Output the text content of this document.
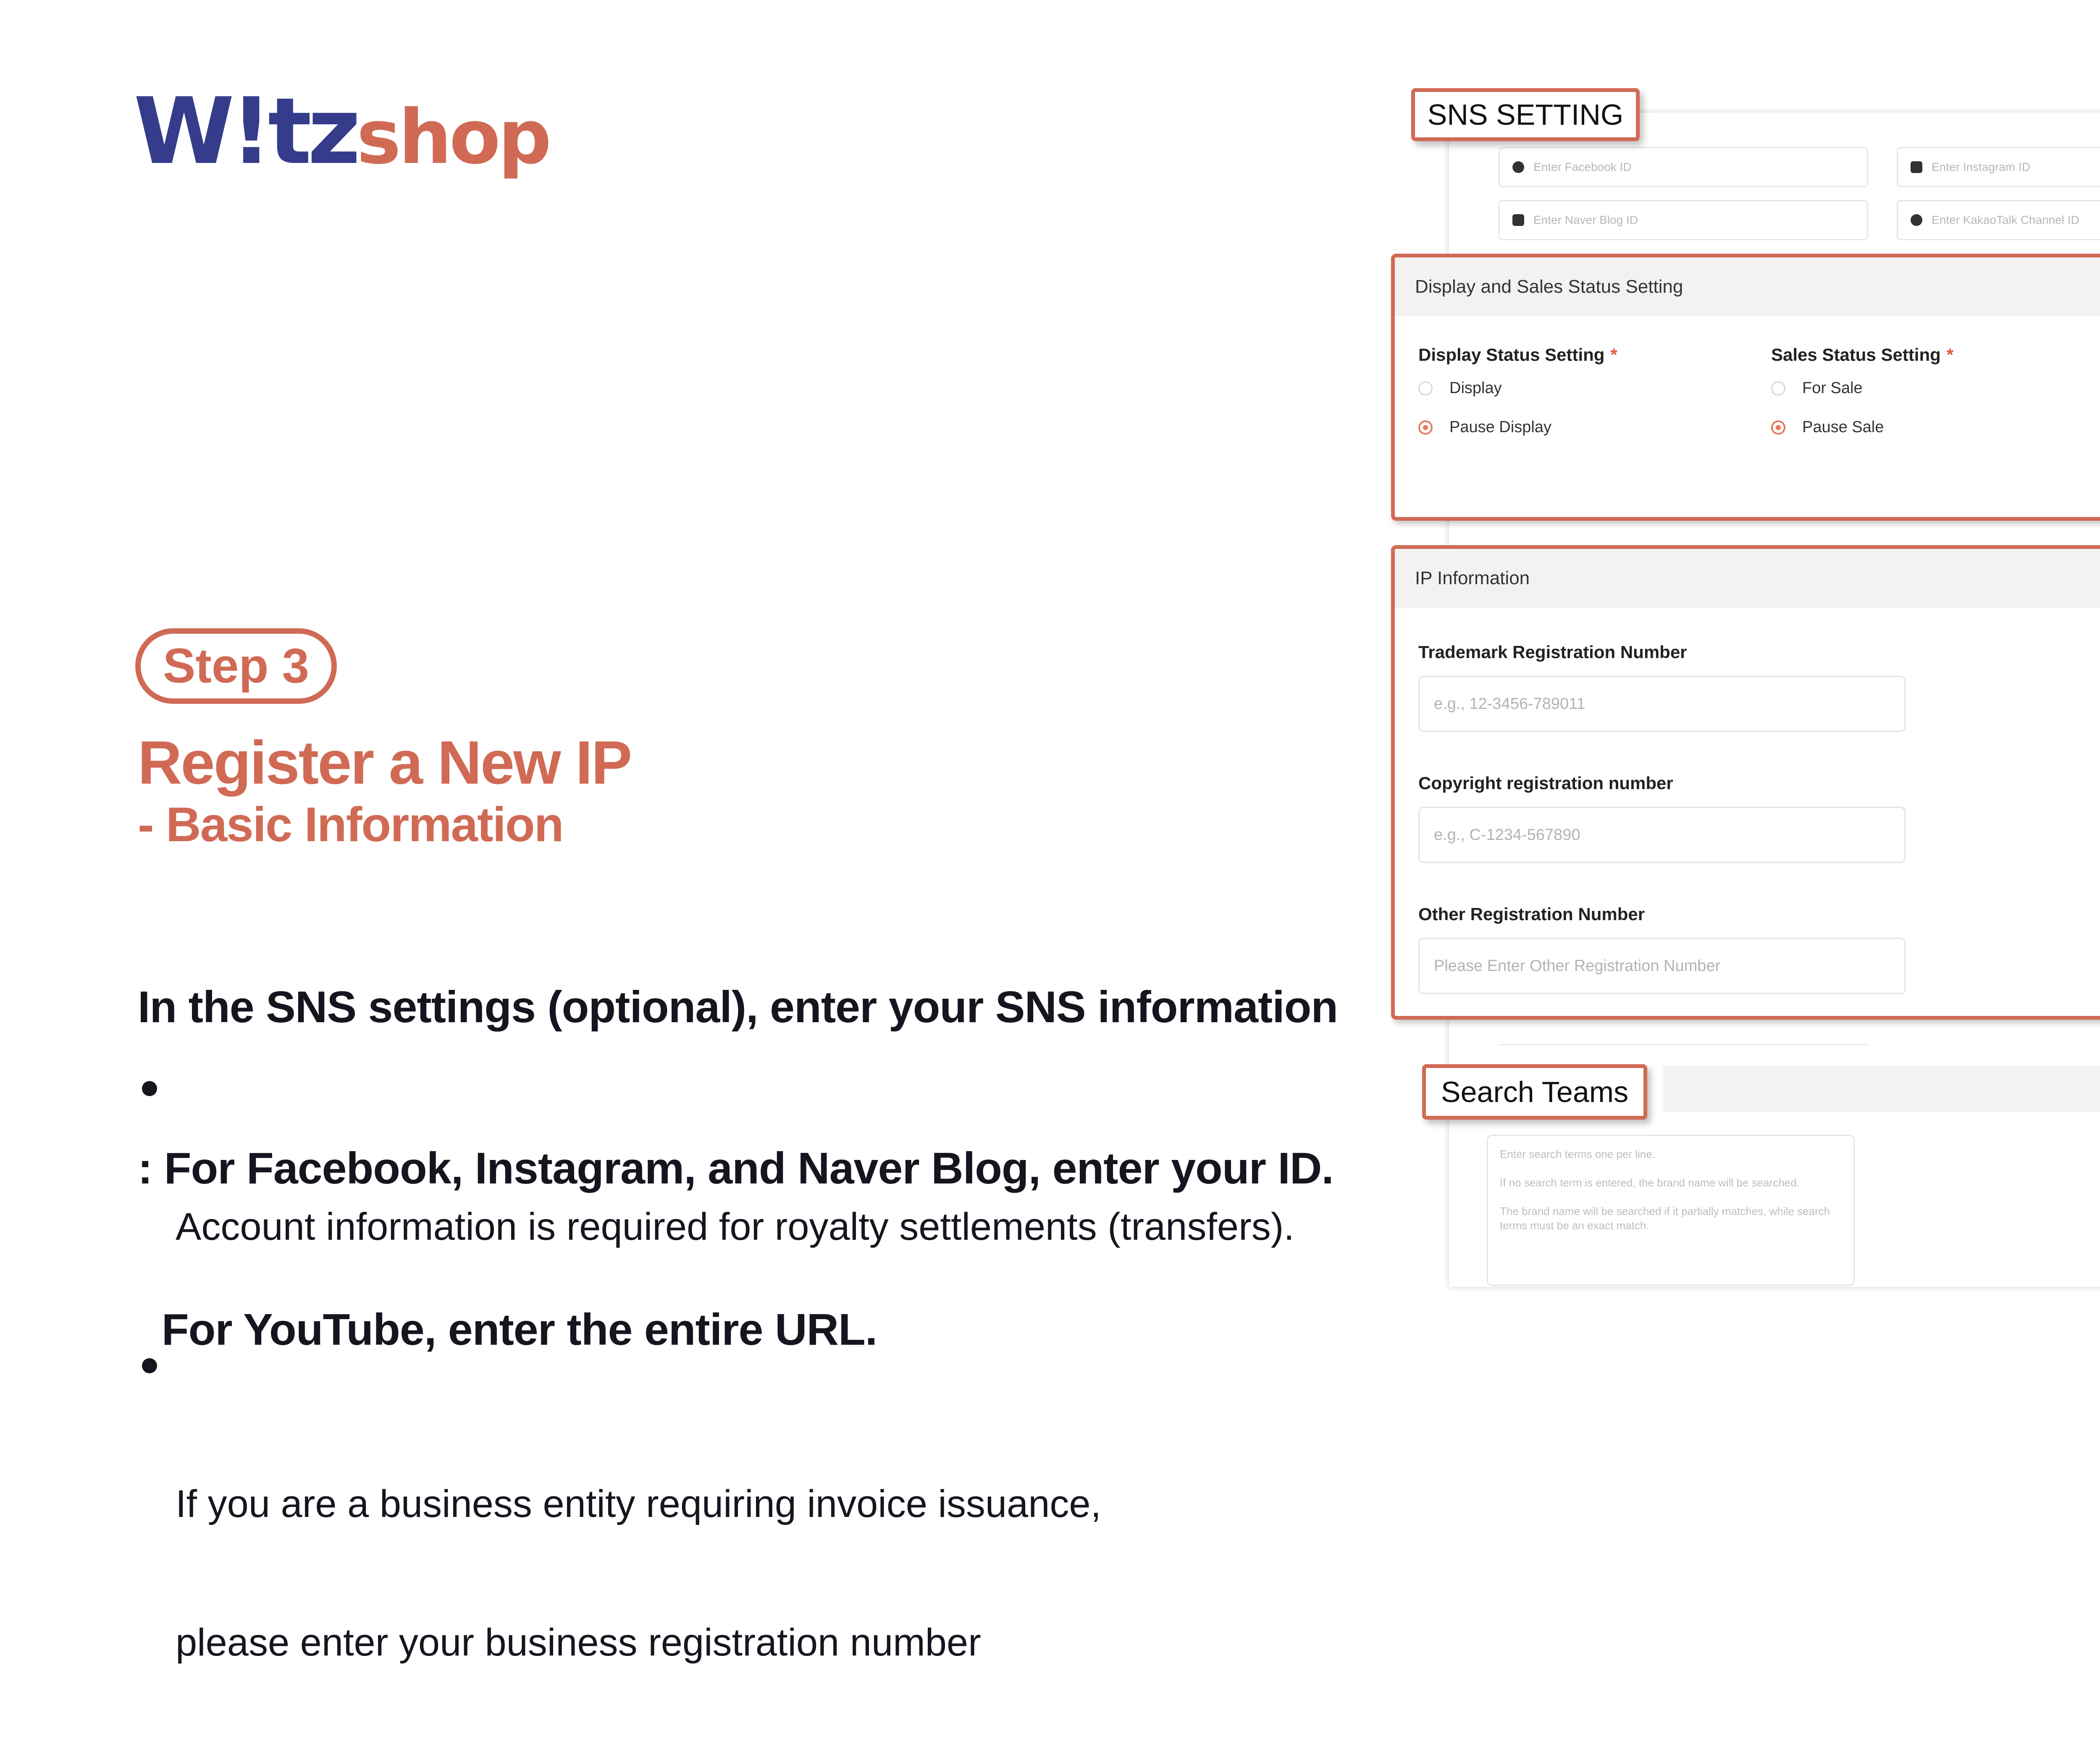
W!tzshop
Step 3
Register a New IP
- Basic Information

In the SNS settings (optional), enter your SNS information

: For Facebook, Instagram, and Naver Blog, enter your ID.

For YouTube, enter the entire URL.

Account information is required for royalty settlements (transfers).

If you are a business entity requiring invoice issuance,

please enter your business registration number

Enter Facebook ID	Enter Instagram ID
Enter Naver Blog ID	Enter KakaoTalk Channel ID
SNS SETTING
Display and Sales Status Setting
Display Status Setting *
Display
Pause Display
Sales Status Setting *
For Sale
Pause Sale
IP Information
Trademark Registration Number
e.g., 12-3456-789011
Copyright registration number
e.g., C-1234-567890
Other Registration Number
Please Enter Other Registration Number
Search Teams

Enter search terms one per line.

If no search term is entered, the brand name will be searched.

The brand name will be searched if it partially matches, while search terms must be an exact match.
